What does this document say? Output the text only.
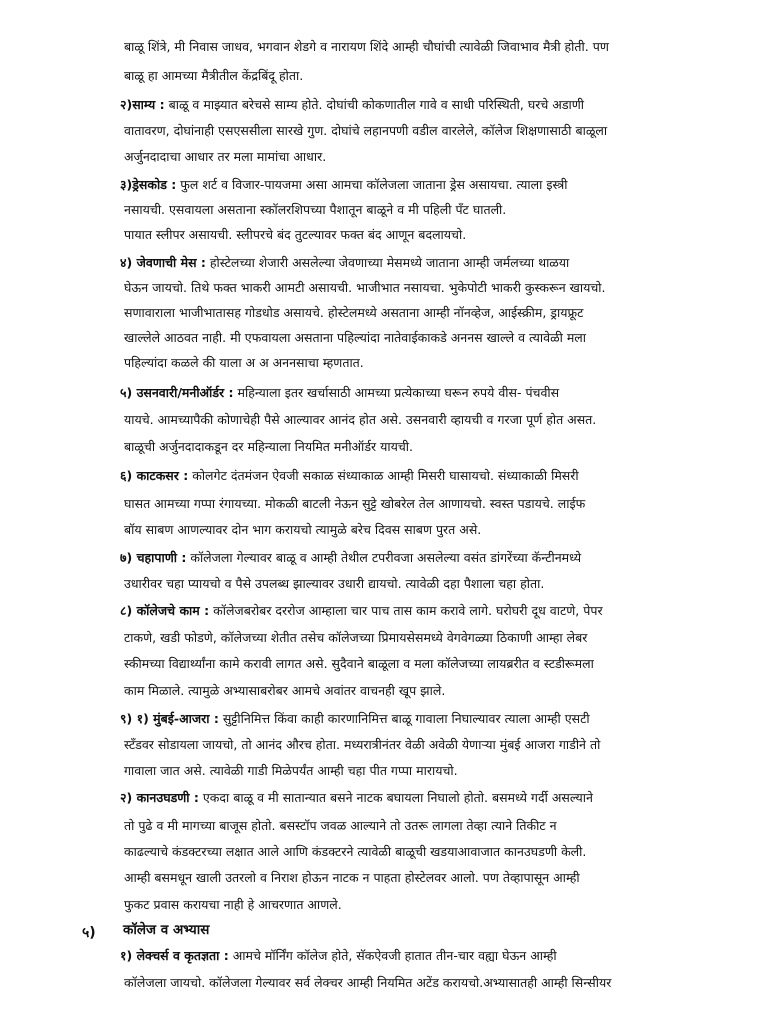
बाळू शिंत्रे, मी निवास जाधव, भगवान शेडगे व नारायण शिंदे आम्ही चौघांची त्यावेळी जिवाभाव मैत्री होती. पण
बाळू हा आमच्या मैत्रीतील केंद्रबिंदू होता.
२)साम्य : बाळू व माझ्यात बरेचसे साम्य होते. दोघांची कोकणातील गावे व साधी परिस्थिती, घरचे अडाणी
वातावरण, दोघांनाही एसएससीला सारखे गुण. दोघांचे लहानपणी वडील वारलेले, कॉलेज शिक्षणासाठी बाळूला
अर्जुनदादाचा आधार तर मला मामांचा आधार.
३)ड्रेसकोड : फुल शर्ट व विजार-पायजमा असा आमचा कॉलेजला जाताना ड्रेस असायचा. त्याला इस्त्री
नसायची. एसवायला असताना स्कॉलरशिपच्या पैशातून बाळूने व मी पहिली पँट घातली.
पायात स्लीपर असायची. स्लीपरचे बंद तुटल्यावर फक्त बंद आणून बदलायचो.
४) जेवणाची मेस : होस्टेलच्या शेजारी असलेल्या जेवणाच्या मेसमध्ये जाताना आम्ही जर्मलच्या थाळया
घेऊन जायचो. तिथे फक्त भाकरी आमटी असायची. भाजीभात नसायचा. भुकेपोटी भाकरी कुस्करून खायचो.
सणावाराला भाजीभातासह गोडधोड असायचे. होस्टेलमध्ये असताना आम्ही नॉनव्हेज, आईस्क्रीम, ड्रायफ्रूट
खाल्लेले आठवत नाही. मी एफवायला असताना पहिल्यांदा नातेवाईकाकडे अननस खाल्ले व त्यावेळी मला
पहिल्यांदा कळले की याला अ अ अननसाचा म्हणतात.
५) उसनवारी/मनीऑर्डर : महिन्याला इतर खर्चासाठी आमच्या प्रत्येकाच्या घरून रुपये वीस- पंचवीस
यायचे. आमच्यापैकी कोणाचेही पैसे आल्यावर आनंद होत असे. उसनवारी व्हायची व गरजा पूर्ण होत असत.
बाळूची अर्जुनदादाकडून दर महिन्याला नियमित मनीऑर्डर यायची.
६) काटकसर : कोलगेट दंतमंजन ऐवजी सकाळ संध्याकाळ आम्ही मिसरी घासायचो. संध्याकाळी मिसरी
घासत आमच्या गप्पा रंगायच्या. मोकळी बाटली नेऊन सुट्टे खोबरेल तेल आणायचो. स्वस्त पडायचे. लाईफ
बॉय साबण आणल्यावर दोन भाग करायचो त्यामुळे बरेच दिवस साबण पुरत असे.
७) चहापाणी : कॉलेजला गेल्यावर बाळू व आम्ही तेथील टपरीवजा असलेल्या वसंत डांगरेंच्या कॅन्टीनमध्ये
उधारीवर चहा प्यायचो व पैसे उपलब्ध झाल्यावर उधारी द्यायचो. त्यावेळी दहा पैशाला चहा होता.
८) कॉलेजचे काम : कॉलेजबरोबर दररोज आम्हाला चार पाच तास काम करावे लागे. घरोघरी दूध वाटणे, पेपर
टाकणे, खडी फोडणे, कॉलेजच्या शेतीत तसेच कॉलेजच्या प्रिमायसेसमध्ये वेगवेगळ्या ठिकाणी आम्हा लेबर
स्कीमच्या विद्यार्थ्यांना कामे करावी लागत असे. सुदैवाने बाळूला व मला कॉलेजच्या लायब्ररीत व स्टडीरूमला
काम मिळाले. त्यामुळे अभ्यासाबरोबर आमचे अवांतर वाचनही खूप झाले.
९) १) मुंबई-आजरा : सुट्टीनिमित्त किंवा काही कारणानिमित्त बाळू गावाला निघाल्यावर त्याला आम्ही एसटी
स्टॅंडवर सोडायला जायचो, तो आनंद औरच होता. मध्यरात्रीनंतर वेळी अवेळी येणाऱ्या मुंबई आजरा गाडीने तो
गावाला जात असे. त्यावेळी गाडी मिळेपर्यंत आम्ही चहा पीत गप्पा मारायचो.
२) कानउघडणी : एकदा बाळू व मी सातान्यात बसने नाटक बघायला निघालो होतो. बसमध्ये गर्दी असल्याने
तो पुढे व मी मागच्या बाजूस होतो. बसस्टॉप जवळ आल्याने तो उतरू लागला तेव्हा त्याने तिकीट न
काढल्याचे कंडक्टरच्या लक्षात आले आणि कंडक्टरने त्यावेळी बाळूची खडयाआवाजात कानउघडणी केली.
आम्ही बसमधून खाली उतरलो व निराश होऊन नाटक न पाहता होस्टेलवर आलो. पण तेव्हापासून आम्ही
फुकट प्रवास करायचा नाही हे आचरणात आणले.
५) कॉलेज व अभ्यास
१) लेक्चर्स व कृतज्ञता : आमचे मॉर्निंग कॉलेज होते, सॅकऐवजी हातात तीन-चार वह्या घेऊन आम्ही
कॉलेजला जायचो. कॉलेजला गेल्यावर सर्व लेक्चर आम्ही नियमित अटेंड करायचो.अभ्यासातही आम्ही सिन्सीयर
